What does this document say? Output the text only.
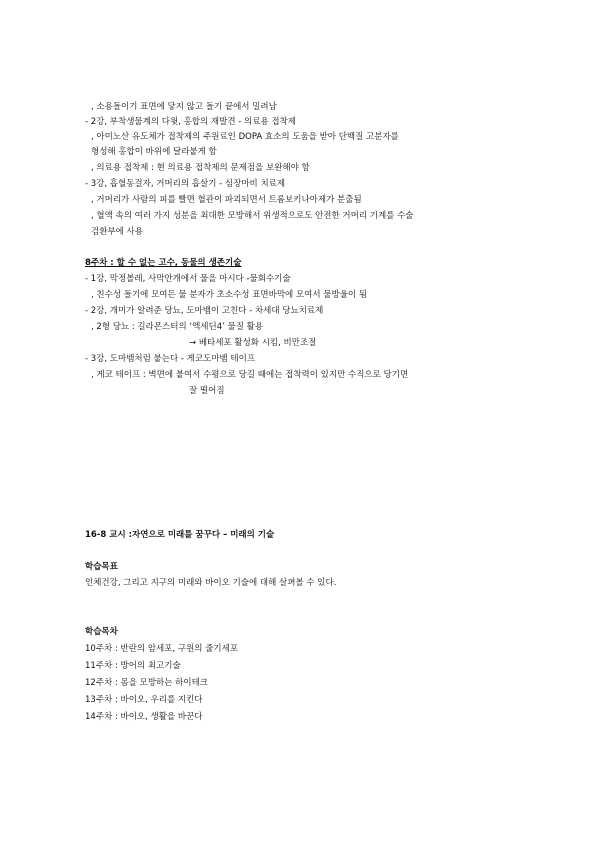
, 소용돌이기 표면에 닿지 않고 돌기 끝에서 밀려남
- 2강, 부착생물계의 다윗, 홍합의 재발견 - 의료용 접착제
, 아미노산 유도체가 접착제의 주원료인 DOPA 효소의 도움을 받아 단백질 고분자를
형성해 홍합이 바위에 달라붙게 함
, 의료용 접착제 : 현 의료용 접착제의 문제점을 보완해야 함
- 3강, 흡혈동걸자, 거머리의 흡살기 - 심장마비 치료제
, 거머리가 사람의 피를 빨면 혈관이 파괴되면서 트롬보키나아제가 분출됨
, 혈액 속의 여러 가지 성분을 최대한 모방해서 위생적으로도 안전한 거머리 기계를 수술
검환부에 사용
8주차 : 할 수 없는 고수, 동물의 생존기술
- 1강, 막정볼레, 사막안개에서 물을 마시다 -물회수기술
, 친수성 돌기에 모여든 물 분자가 초소수성 표면바막에 모여서 물방울이 됨
- 2강, 개미가 알려준 당뇨, 도마뱀이 고친다 - 차세대 당뇨치료제
, 2형 당뇨 : 길라몬스터의 ‘엑세딘4’ 물질 활용
→ 베타세포 활성화 시킴, 비만조절
- 3강, 도마뱀처럼 붙는다 - 게코도마뱀 테이프
, 게코 테이프 : 벽면에 붙여서 수평으로 당길 때에는 접착력이 있지만 수직으로 당기면
잘 떨어짐
16-8 교시 :자연으로 미래를 꿈꾸다 – 미래의 기술
학습목표
인체건강, 그리고 지구의 미래와 바이오 기술에 대해 살펴볼 수 있다.
학습목차
10주차 : 반란의 암세포, 구원의 줄기세포
11주차 : 방어의 최고기술
12주차 : 몸을 모방하는 하이테크
13주차 : 바이오, 우리를 지킨다
14주차 : 바이오, 생활을 바꾼다
